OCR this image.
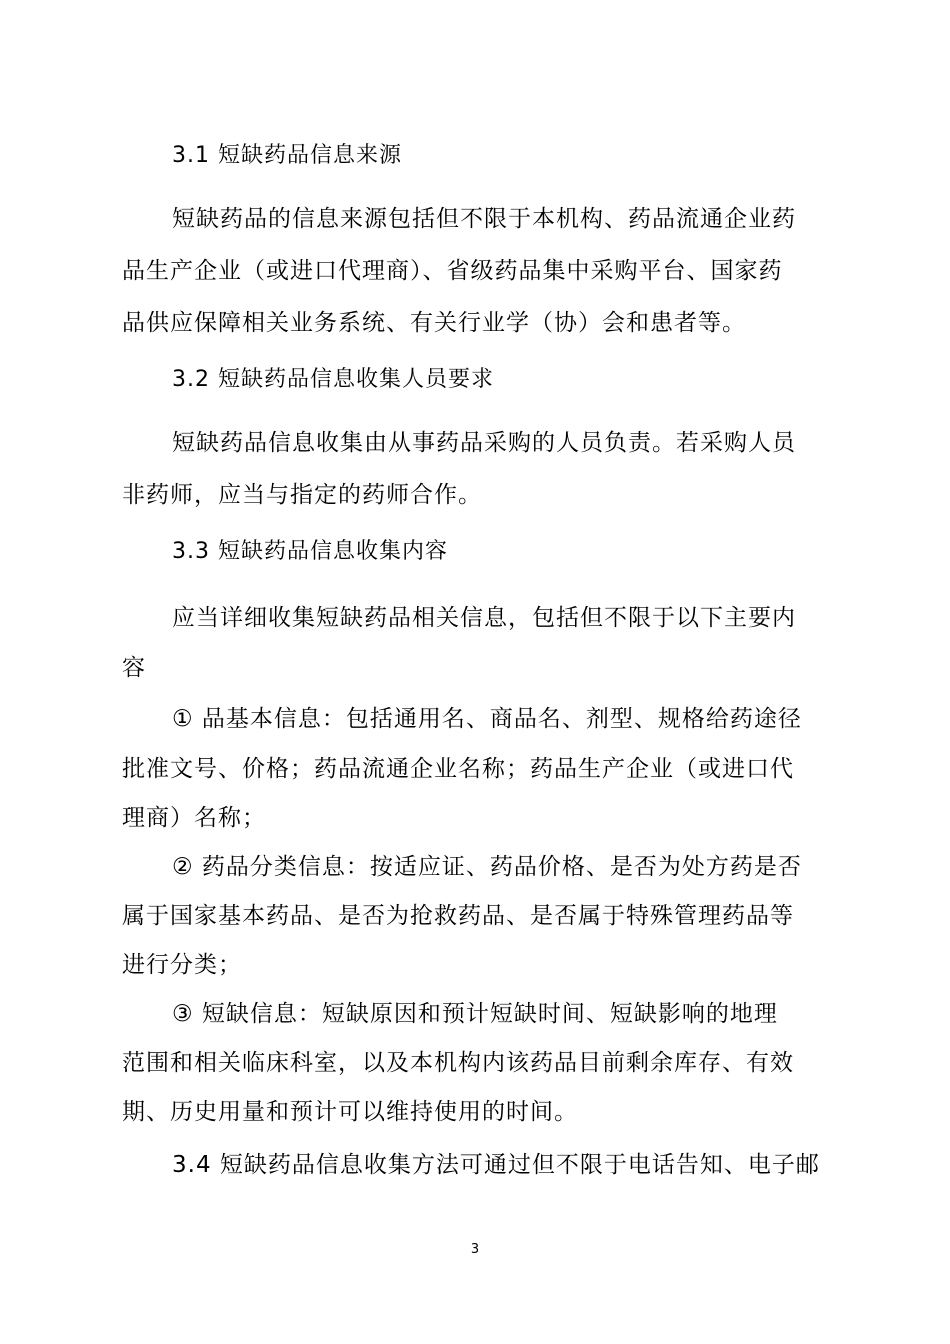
3.1 短缺药品信息来源
短缺药品的信息来源包括但不限于本机构、药品流通企业药
品生产企业（或进口代理商）、省级药品集中采购平台、国家药
品供应保障相关业务系统、有关行业学（协）会和患者等。
3.2 短缺药品信息收集人员要求
短缺药品信息收集由从事药品采购的人员负责。若采购人员
非药师，应当与指定的药师合作。
3.3 短缺药品信息收集内容
应当详细收集短缺药品相关信息，包括但不限于以下主要内
容
① 品基本信息：包括通用名、商品名、剂型、规格给药途径
批准文号、价格；药品流通企业名称；药品生产企业（或进口代
理商）名称；
② 药品分类信息：按适应证、药品价格、是否为处方药是否
属于国家基本药品、是否为抢救药品、是否属于特殊管理药品等
进行分类；
③ 短缺信息：短缺原因和预计短缺时间、短缺影响的地理
范围和相关临床科室，以及本机构内该药品目前剩余库存、有效
期、历史用量和预计可以维持使用的时间。
3.4 短缺药品信息收集方法可通过但不限于电话告知、电子邮
3
